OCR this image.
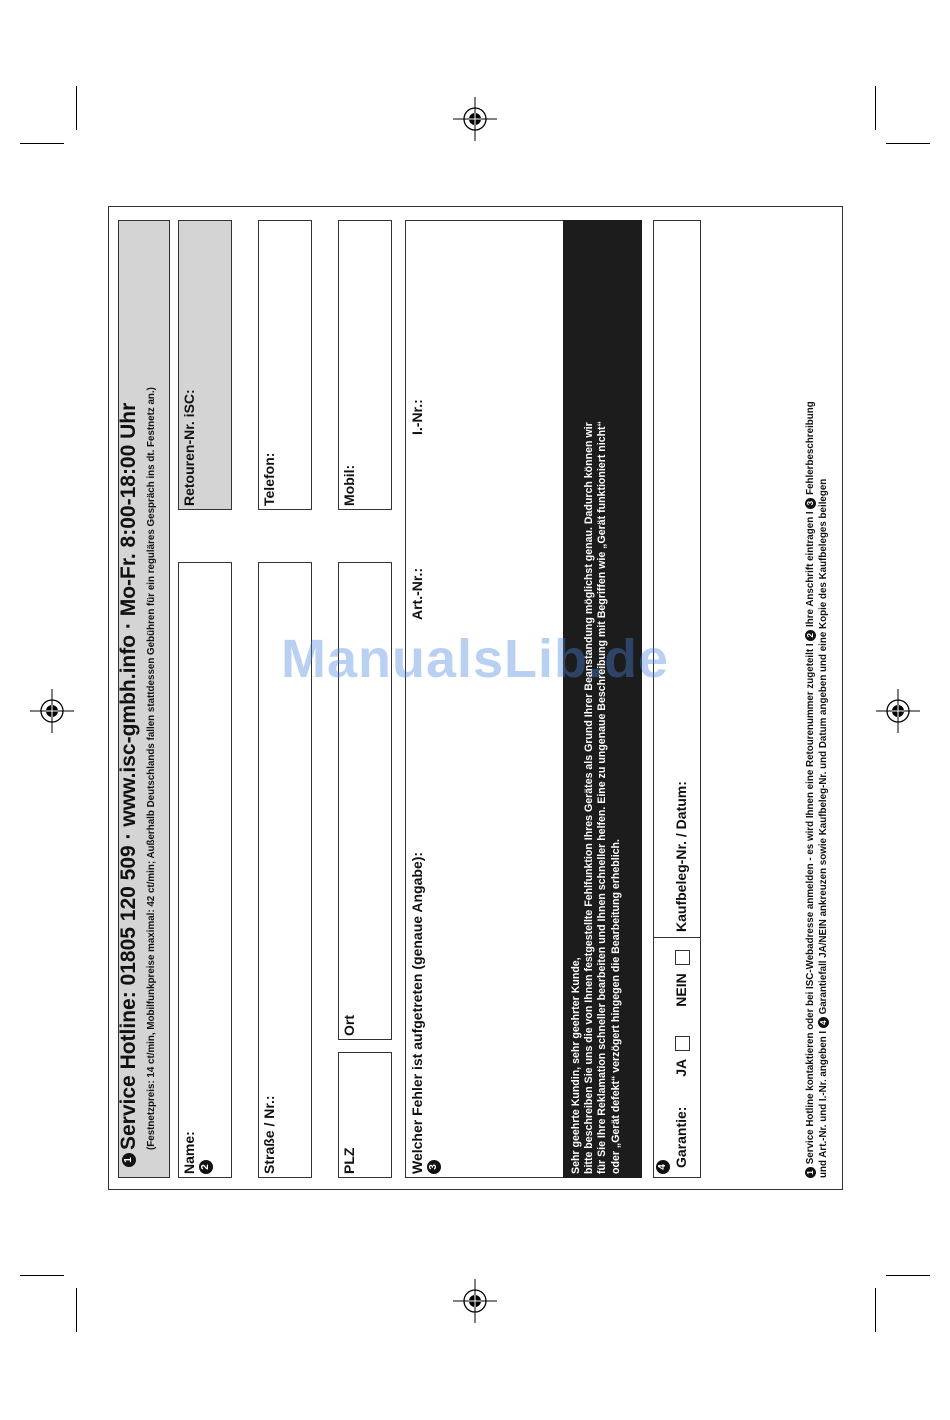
1
Service Hotline: 01805 120 509 · www.isc-gmbh.info · Mo-Fr. 8:00-18:00 Uhr (Festnetzpreis: 14 ct/min, Mobilfunkpreise maximal: 42 ct/min; Außerhalb Deutschlands fallen stattdessen Gebühren für ein reguläres Gespräch ins dt. Festnetz an.)
Name: 2
Retouren-Nr. iSC:
Straße / Nr.:
Telefon:
PLZ
Ort
Mobil:
Welcher Fehler ist aufgetreten (genaue Angabe): 3
Art.-Nr.:
I.-Nr.:
Sehr geehrte Kundin, sehr geehrter Kunde, bitte beschreiben Sie uns die von Ihnen festgestellte Fehlfunktion Ihres Gerätes als Grund Ihrer Beanstandung möglichst genau. Dadurch können wir für Sie Ihre Reklamation schneller bearbeiten und Ihnen schneller helfen. Eine zu ungenaue Beschreibung mit Begriffen wie „Gerät funktioniert nicht“ oder „Gerät defekt“ verzögert hingegen die Bearbeitung erheblich.	4 Garantie:  JA   NEIN
Kaufbeleg-Nr. / Datum:
1 Service Hotline kontaktieren oder bei ISC-Webadresse anmelden - es wird Ihnen eine Retourenummer zugeteilt I 2 Ihre Anschrift eintragen I 3 Fehlerbeschreibung
und Art.-Nr. und I.-Nr. angeben I 4 Garantiefall JA/NEIN ankreuzen sowie Kaufbeleg-Nr. und Datum angeben und eine Kopie des Kaufbeleges beilegen
ManualsLib.de
